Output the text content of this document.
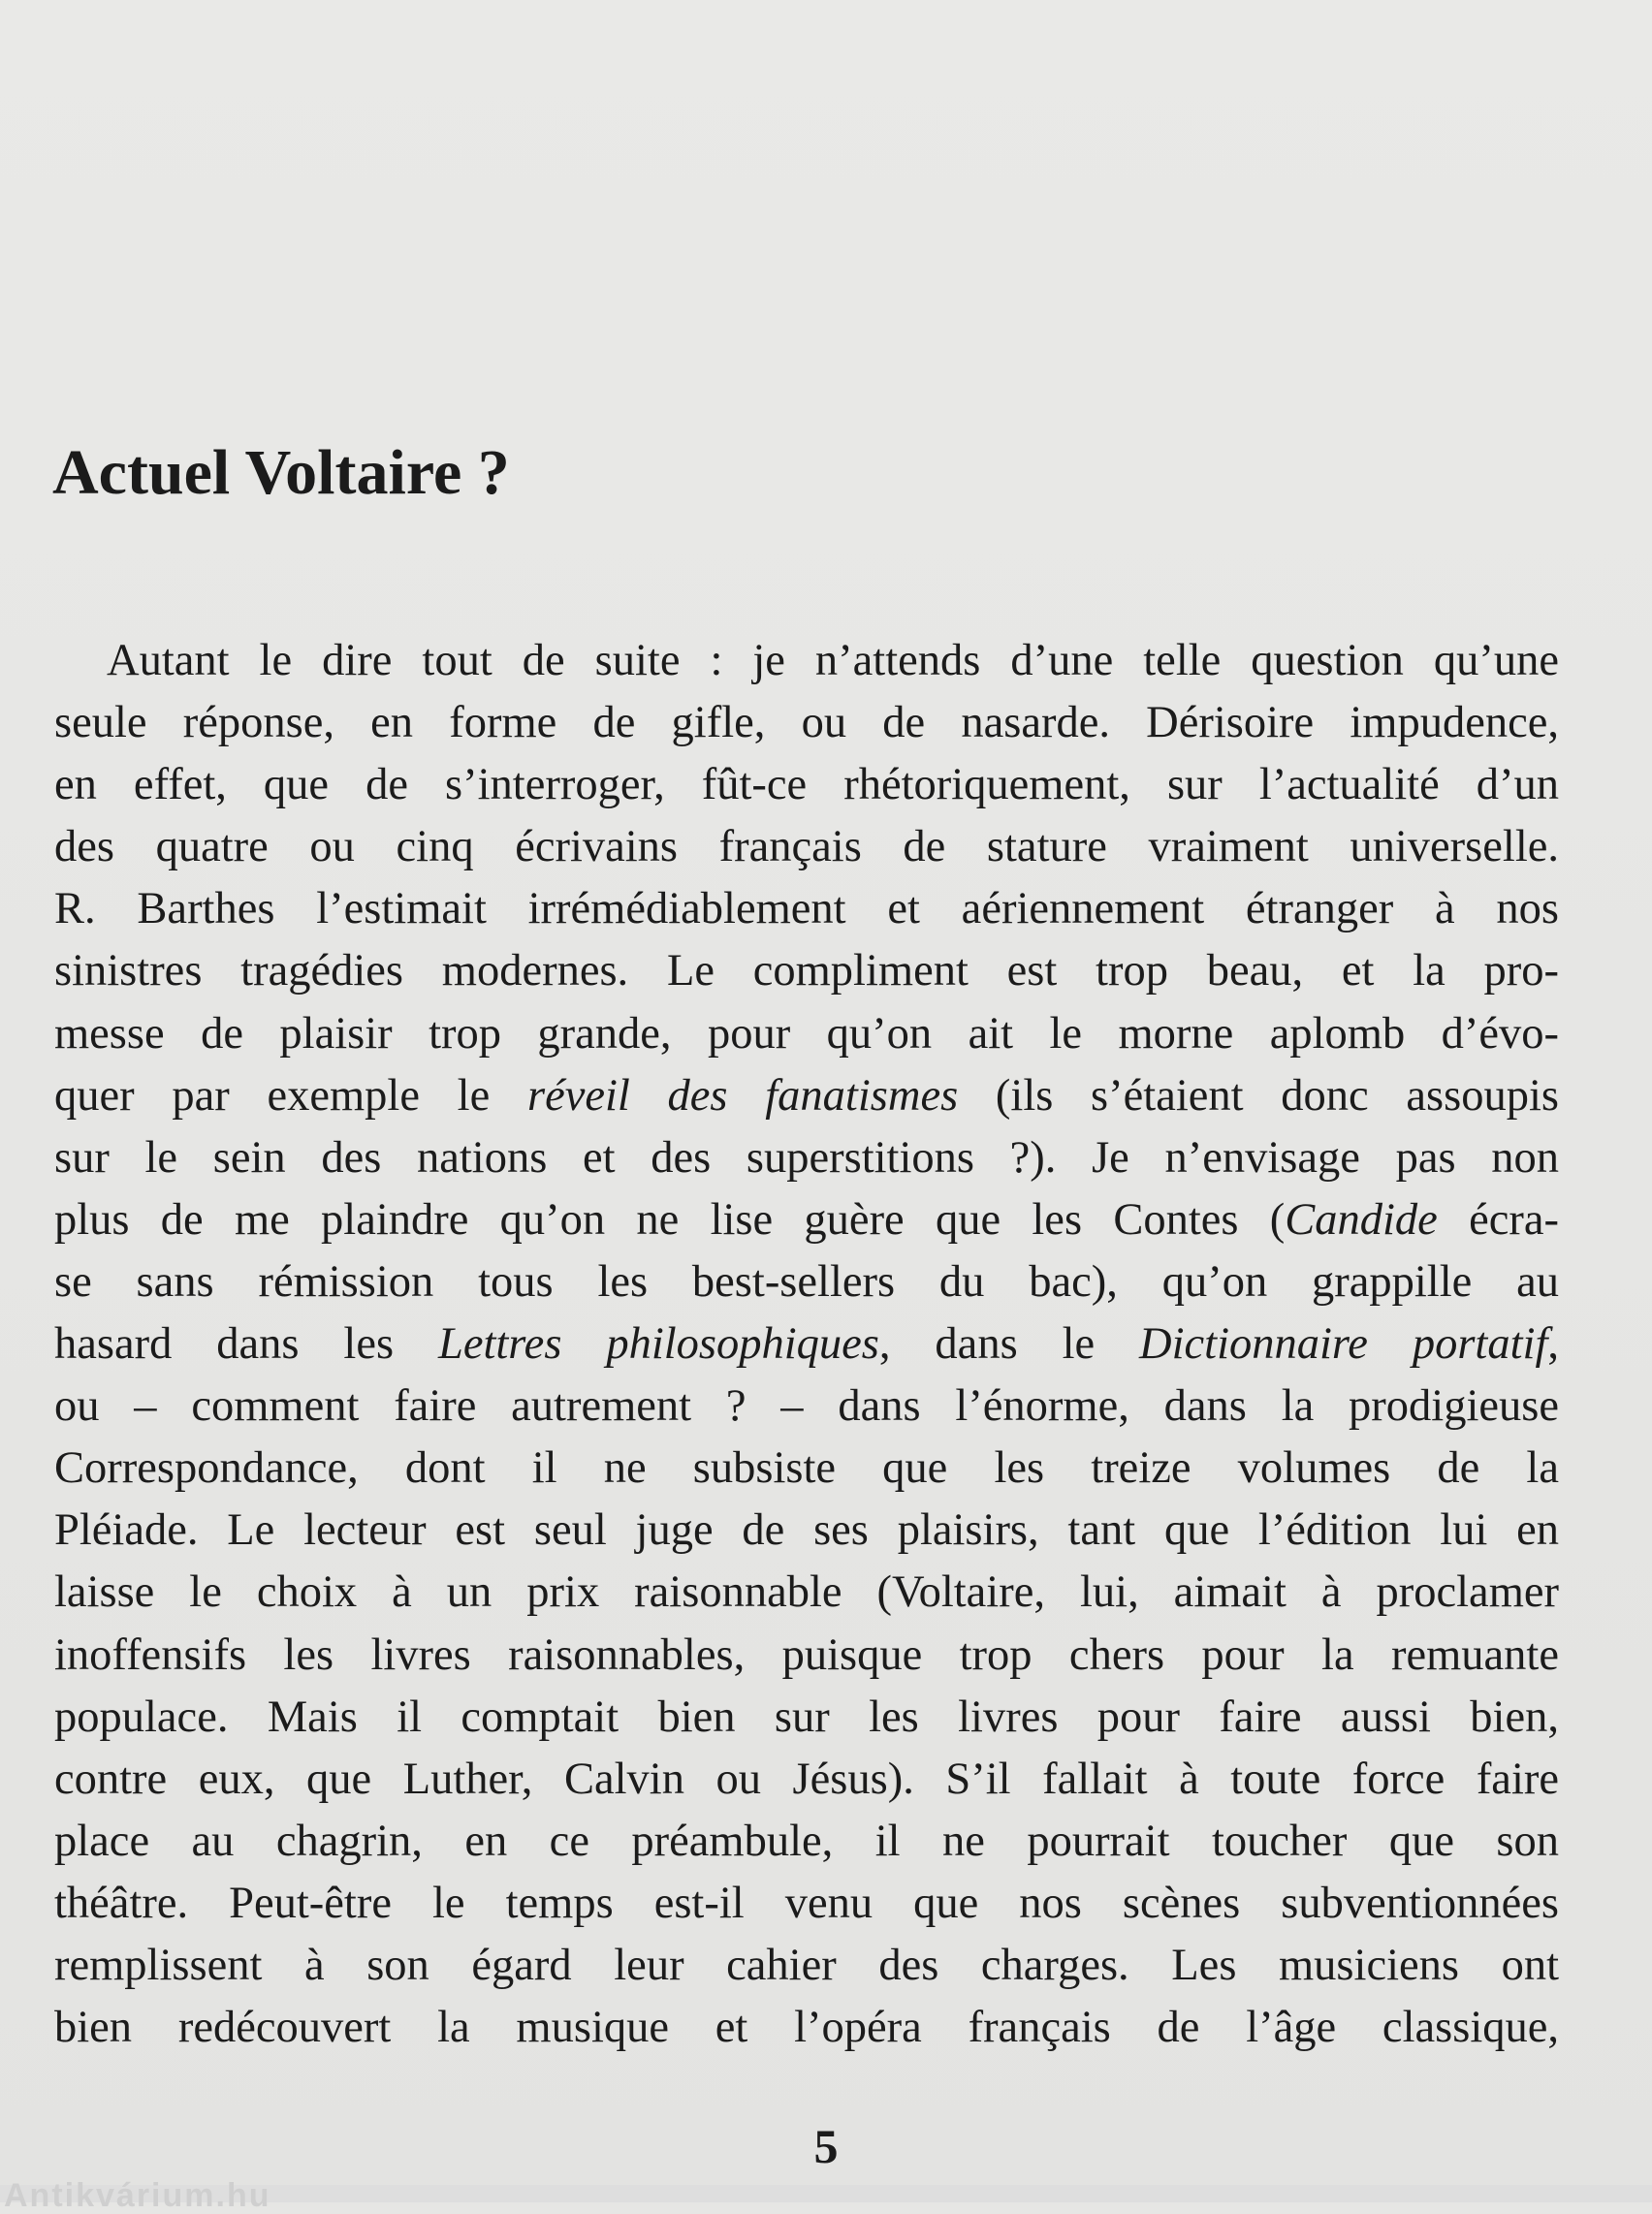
Actuel Voltaire ?
Autant le dire tout de suite : je n’attends d’une telle question qu’une
seule réponse, en forme de gifle, ou de nasarde. Dérisoire impudence,
en effet, que de s’interroger, fût-ce rhétoriquement, sur l’actualité d’un
des quatre ou cinq écrivains français de stature vraiment universelle.
R. Barthes l’estimait irrémédiablement et aériennement étranger à nos
sinistres tragédies modernes. Le compliment est trop beau, et la pro-
messe de plaisir trop grande, pour qu’on ait le morne aplomb d’évo-
quer par exemple le réveil des fanatismes (ils s’étaient donc assoupis
sur le sein des nations et des superstitions ?). Je n’envisage pas non
plus de me plaindre qu’on ne lise guère que les Contes (Candide écra-
se sans rémission tous les best-sellers du bac), qu’on grappille au
hasard dans les Lettres philosophiques, dans le Dictionnaire portatif,
ou – comment faire autrement ? – dans l’énorme, dans la prodigieuse
Correspondance, dont il ne subsiste que les treize volumes de la
Pléiade. Le lecteur est seul juge de ses plaisirs, tant que l’édition lui en
laisse le choix à un prix raisonnable (Voltaire, lui, aimait à proclamer
inoffensifs les livres raisonnables, puisque trop chers pour la remuante
populace. Mais il comptait bien sur les livres pour faire aussi bien,
contre eux, que Luther, Calvin ou Jésus). S’il fallait à toute force faire
place au chagrin, en ce préambule, il ne pourrait toucher que son
théâtre. Peut-être le temps est-il venu que nos scènes subventionnées
remplissent à son égard leur cahier des charges. Les musiciens ont
bien redécouvert la musique et l’opéra français de l’âge classique,
5
Antikvárium.hu
